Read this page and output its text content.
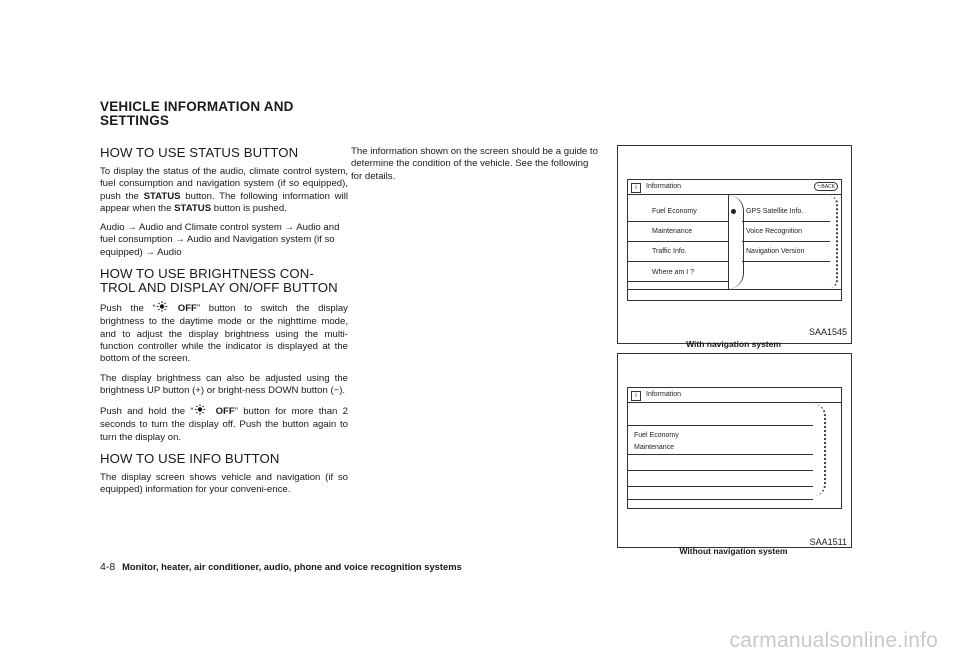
VEHICLE INFORMATION AND SETTINGS
HOW TO USE STATUS BUTTON

To display the status of the audio, climate control system, fuel consumption and navigation system (if so equipped), push the STATUS button. The following information will appear when the STATUS button is pushed.

Audio → Audio and Climate control system → Audio and fuel consumption → Audio and Navigation system (if so equipped) → Audio

HOW TO USE BRIGHTNESS CON-TROL AND DISPLAY ON/OFF BUTTON

Push the “ OFF” button to switch the display brightness to the daytime mode or the nighttime mode, and to adjust the display brightness using the multi-function controller while the indicator is displayed at the bottom of the screen.

The display brightness can also be adjusted using the brightness UP button (+) or bright-ness DOWN button (−).

Push and hold the “ OFF” button for more than 2 seconds to turn the display off. Push the button again to turn the display on.

HOW TO USE INFO BUTTON

The display screen shows vehicle and navigation (if so equipped) information for your conveni-ence.

The information shown on the screen should be a guide to determine the condition of the vehicle. See the following for details.

i	Information	⮌ BACK
Fuel Economy
Maintenance
Traffic Info.
Where am I ?
GPS Satellite Info.
Voice Recognition
Navigation Version
SAA1545
With navigation system
i	Information
Fuel Economy
Maintenance
SAA1511
Without navigation system
4-8 Monitor, heater, air conditioner, audio, phone and voice recognition systems
carmanualsonline.info
